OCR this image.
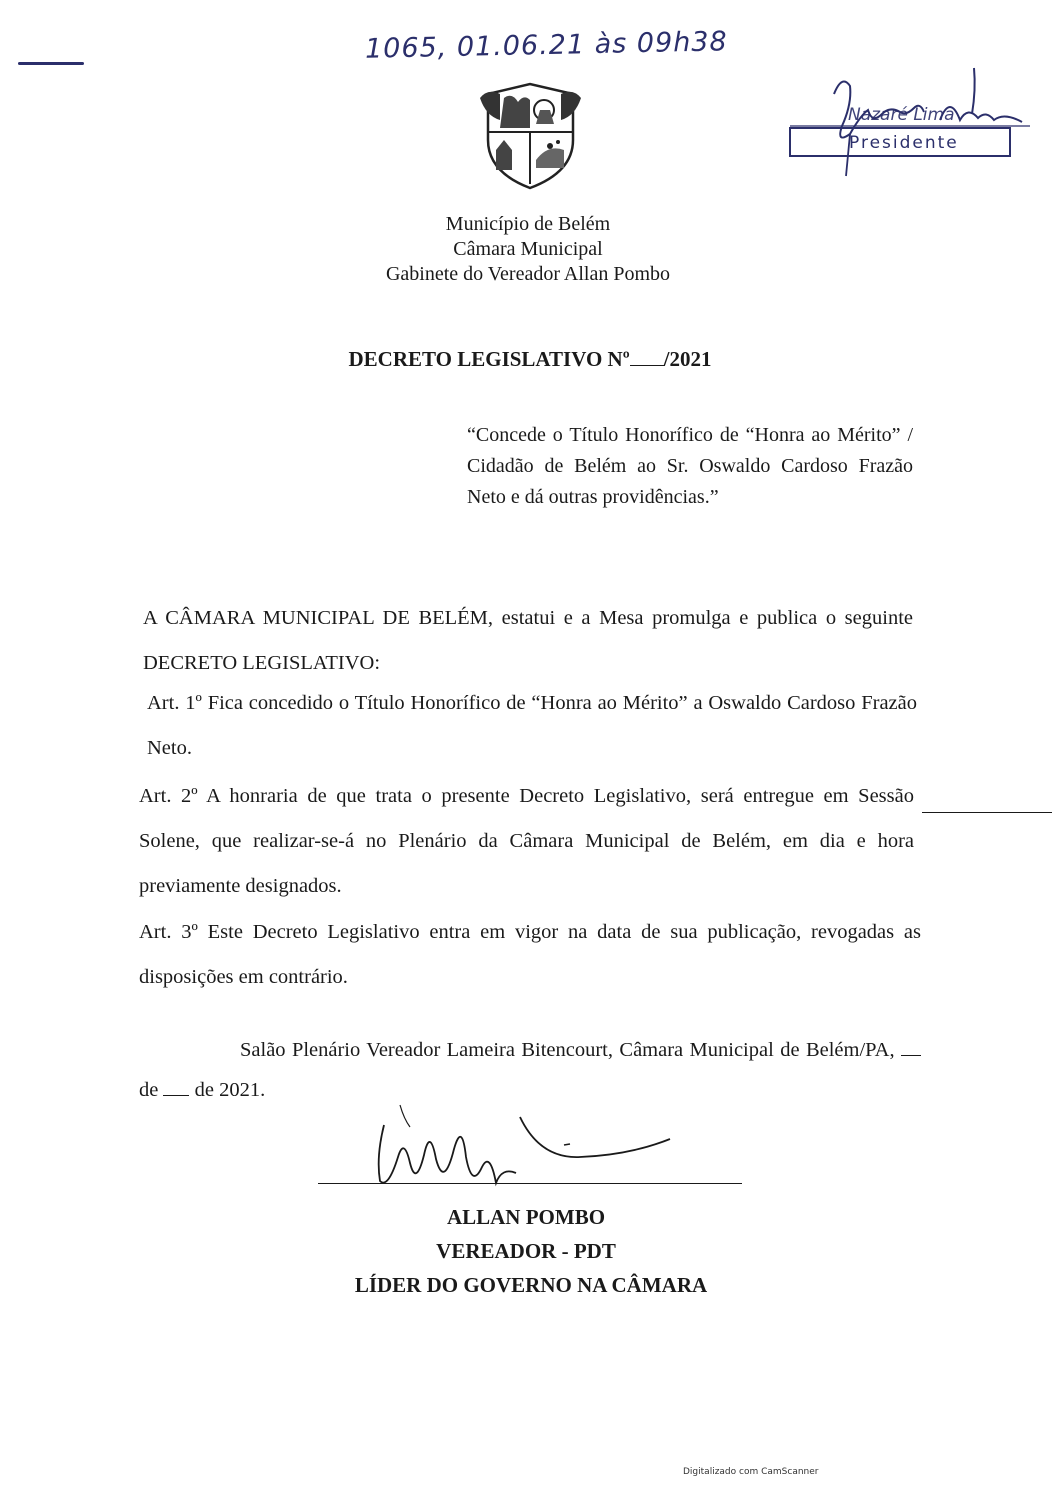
1065, 01.06.21 às 09h38
Nazaré Lima
Presidente
Município de Belém
Câmara Municipal
Gabinete do Vereador Allan Pombo
DECRETO LEGISLATIVO Nº /2021
“Concede o Título Honorífico de “Honra ao Mérito” / Cidadão de Belém ao Sr. Oswaldo Cardoso Frazão Neto e dá outras providências.”
A CÂMARA MUNICIPAL DE BELÉM, estatui e a Mesa promulga e publica o seguinte DECRETO LEGISLATIVO:
Art. 1º Fica concedido o Título Honorífico de “Honra ao Mérito” a Oswaldo Cardoso Frazão Neto.
Art. 2º A honraria de que trata o presente Decreto Legislativo, será entregue em Sessão Solene, que realizar-se-á no Plenário da Câmara Municipal de Belém, em dia e hora previamente designados.
Art. 3º Este Decreto Legislativo entra em vigor na data de sua publicação, revogadas as disposições em contrário.
Salão Plenário Vereador Lameira Bitencourt, Câmara Municipal de Belém/PA,  de de 2021.
ALLAN POMBO
VEREADOR - PDT
LÍDER DO GOVERNO NA CÂMARA
Digitalizado com CamScanner
